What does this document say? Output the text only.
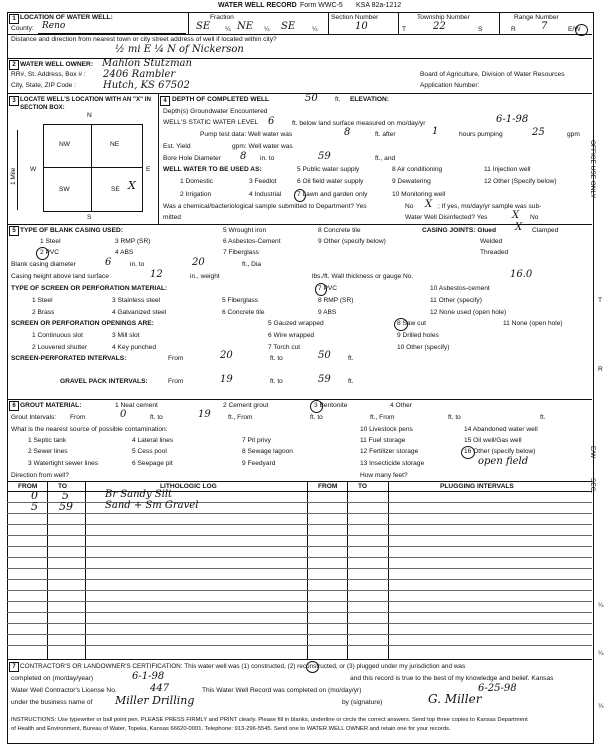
WATER WELL RECORD Form WWC-5 KSA 82a-1212
1 LOCATION OF WATER WELL:
County: Reno
Fraction
SE ¼ NE ¼ SE	¼
Section Number
10
Township Number
T	22	S
Range Number
R	7	E/W
Distance and direction from nearest town or city street address of well if located within city?
½ mi E ¼ N of Nickerson
2 WATER WELL OWNER: Mahlon Stutzman
RR#, St. Address, Box # : 2406 Rambler
City, State, ZIP Code :	Hutch, KS 67502
Board of Agriculture, Division of Water Resources
Application Number:
3 LOCATE WELL'S LOCATION WITH AN "X" IN SECTION BOX:
N
S
W	E
1 Mile
NW	NE
SW	SE X
4 DEPTH OF COMPLETED WELL	50	ft. ELEVATION:
Depth(s) Groundwater Encountered
WELL'S STATIC WATER LEVEL 6	ft. below land surface measured on mo/day/yr	6-1-98
Pump test data: Well water was	8	ft. after	1	hours pumping	25	gpm
Est. Yield	gpm: Well water was
Bore Hole Diameter 8 in. to	59	ft., and
WELL WATER TO BE USED AS:
1 Domestic
2 Irrigation
3 Feedlot
4 Industrial
5 Public water supply
6 Oil field water supply
7 Lawn and garden only
8 Air conditioning
9 Dewatering
10 Monitoring well
11 Injection well
12 Other (Specify below)
Was a chemical/bacteriological sample submitted to Department? Yes	No X ; If yes, mo/day/yr sample was sub-
mitted	Water Well Disinfected? Yes X No
5 TYPE OF BLANK CASING USED:
1 Steel
2 PVC
3 RMP (SR)
4 ABS
5 Wrought iron
6 Asbestos-Cement
7 Fiberglass
8 Concrete tile
9 Other (specify below)
CASING JOINTS: Glued X Clamped
Welded
Threaded
Blank casing diameter	6	in. to	20	ft., Dia
Casing height above land surface	12	in., weight	lbs./ft. Wall thickness or gauge No.	16.0
TYPE OF SCREEN OR PERFORATION MATERIAL:
1 Steel
2 Brass
3 Stainless steel
4 Galvanized steel
5 Fiberglass
6 Concrete tile
7 PVC
8 RMP (SR)
9 ABS
10 Asbestos-cement
11 Other (specify)
12 None used (open hole)
SCREEN OR PERFORATION OPENINGS ARE:
1 Continuous slot
2 Louvered shutter
3 Mill slot
4 Key punched
5 Gauzed wrapped
6 Wire wrapped
7 Torch cut
8 Saw cut
9 Drilled holes
10 Other (specify)
11 None (open hole)
SCREEN-PERFORATED INTERVALS:	From	20	ft. to	50	ft.
GRAVEL PACK INTERVALS:	From	19	ft. to	59	ft.
6 GROUT MATERIAL:	1 Neat cement	2 Cement grout	3 Bentonite	4 Other
Grout Intervals: From	0	ft. to	19	ft., From	ft. to	ft., From	ft. to	ft.
What is the nearest source of possible contamination:
1 Septic tank
2 Sewer lines
3 Watertight sewer lines
4 Lateral lines
5 Cess pool
6 Seepage pit
7 Pit privy
8 Sewage lagoon
9 Feedyard
10 Livestock pens
11 Fuel storage
12 Fertilizer storage
13 Insecticide storage
14 Abandoned water well
15 Oil well/Gas well
16 Other (specify below)
open field
Direction from well?	How many feet?
FROM	TO	LITHOLOGIC LOG	FROM	TO	PLUGGING INTERVALS
0 5	Br Sandy Silt
5 59	Sand + Sm Gravel
7 CONTRACTOR'S OR LANDOWNER'S CERTIFICATION: This water well was (1) constructed, (2) reconstructed, or (3) plugged under my jurisdiction and was
completed on (mo/day/year)	6-1-98	and this record is true to the best of my knowledge and belief. Kansas
Water Well Contractor's License No.	447	This Water Well Record was completed on (mo/day/yr)	6-25-98
under the business name of Miller Drilling	by (signature)	G. Miller
INSTRUCTIONS: Use typewriter or ball point pen. PLEASE PRESS FIRMLY and PRINT clearly. Please fill in blanks, underline or circle the correct answers. Send top three copies to Kansas Department
of Health and Environment, Bureau of Water, Topeka, Kansas 66620-0001. Telephone: 913-296-5545. Send one to WATER WELL OWNER and retain one for your records.
OFFICE USE ONLY
T
R
E/W
SEC.
¼
¼
¼
